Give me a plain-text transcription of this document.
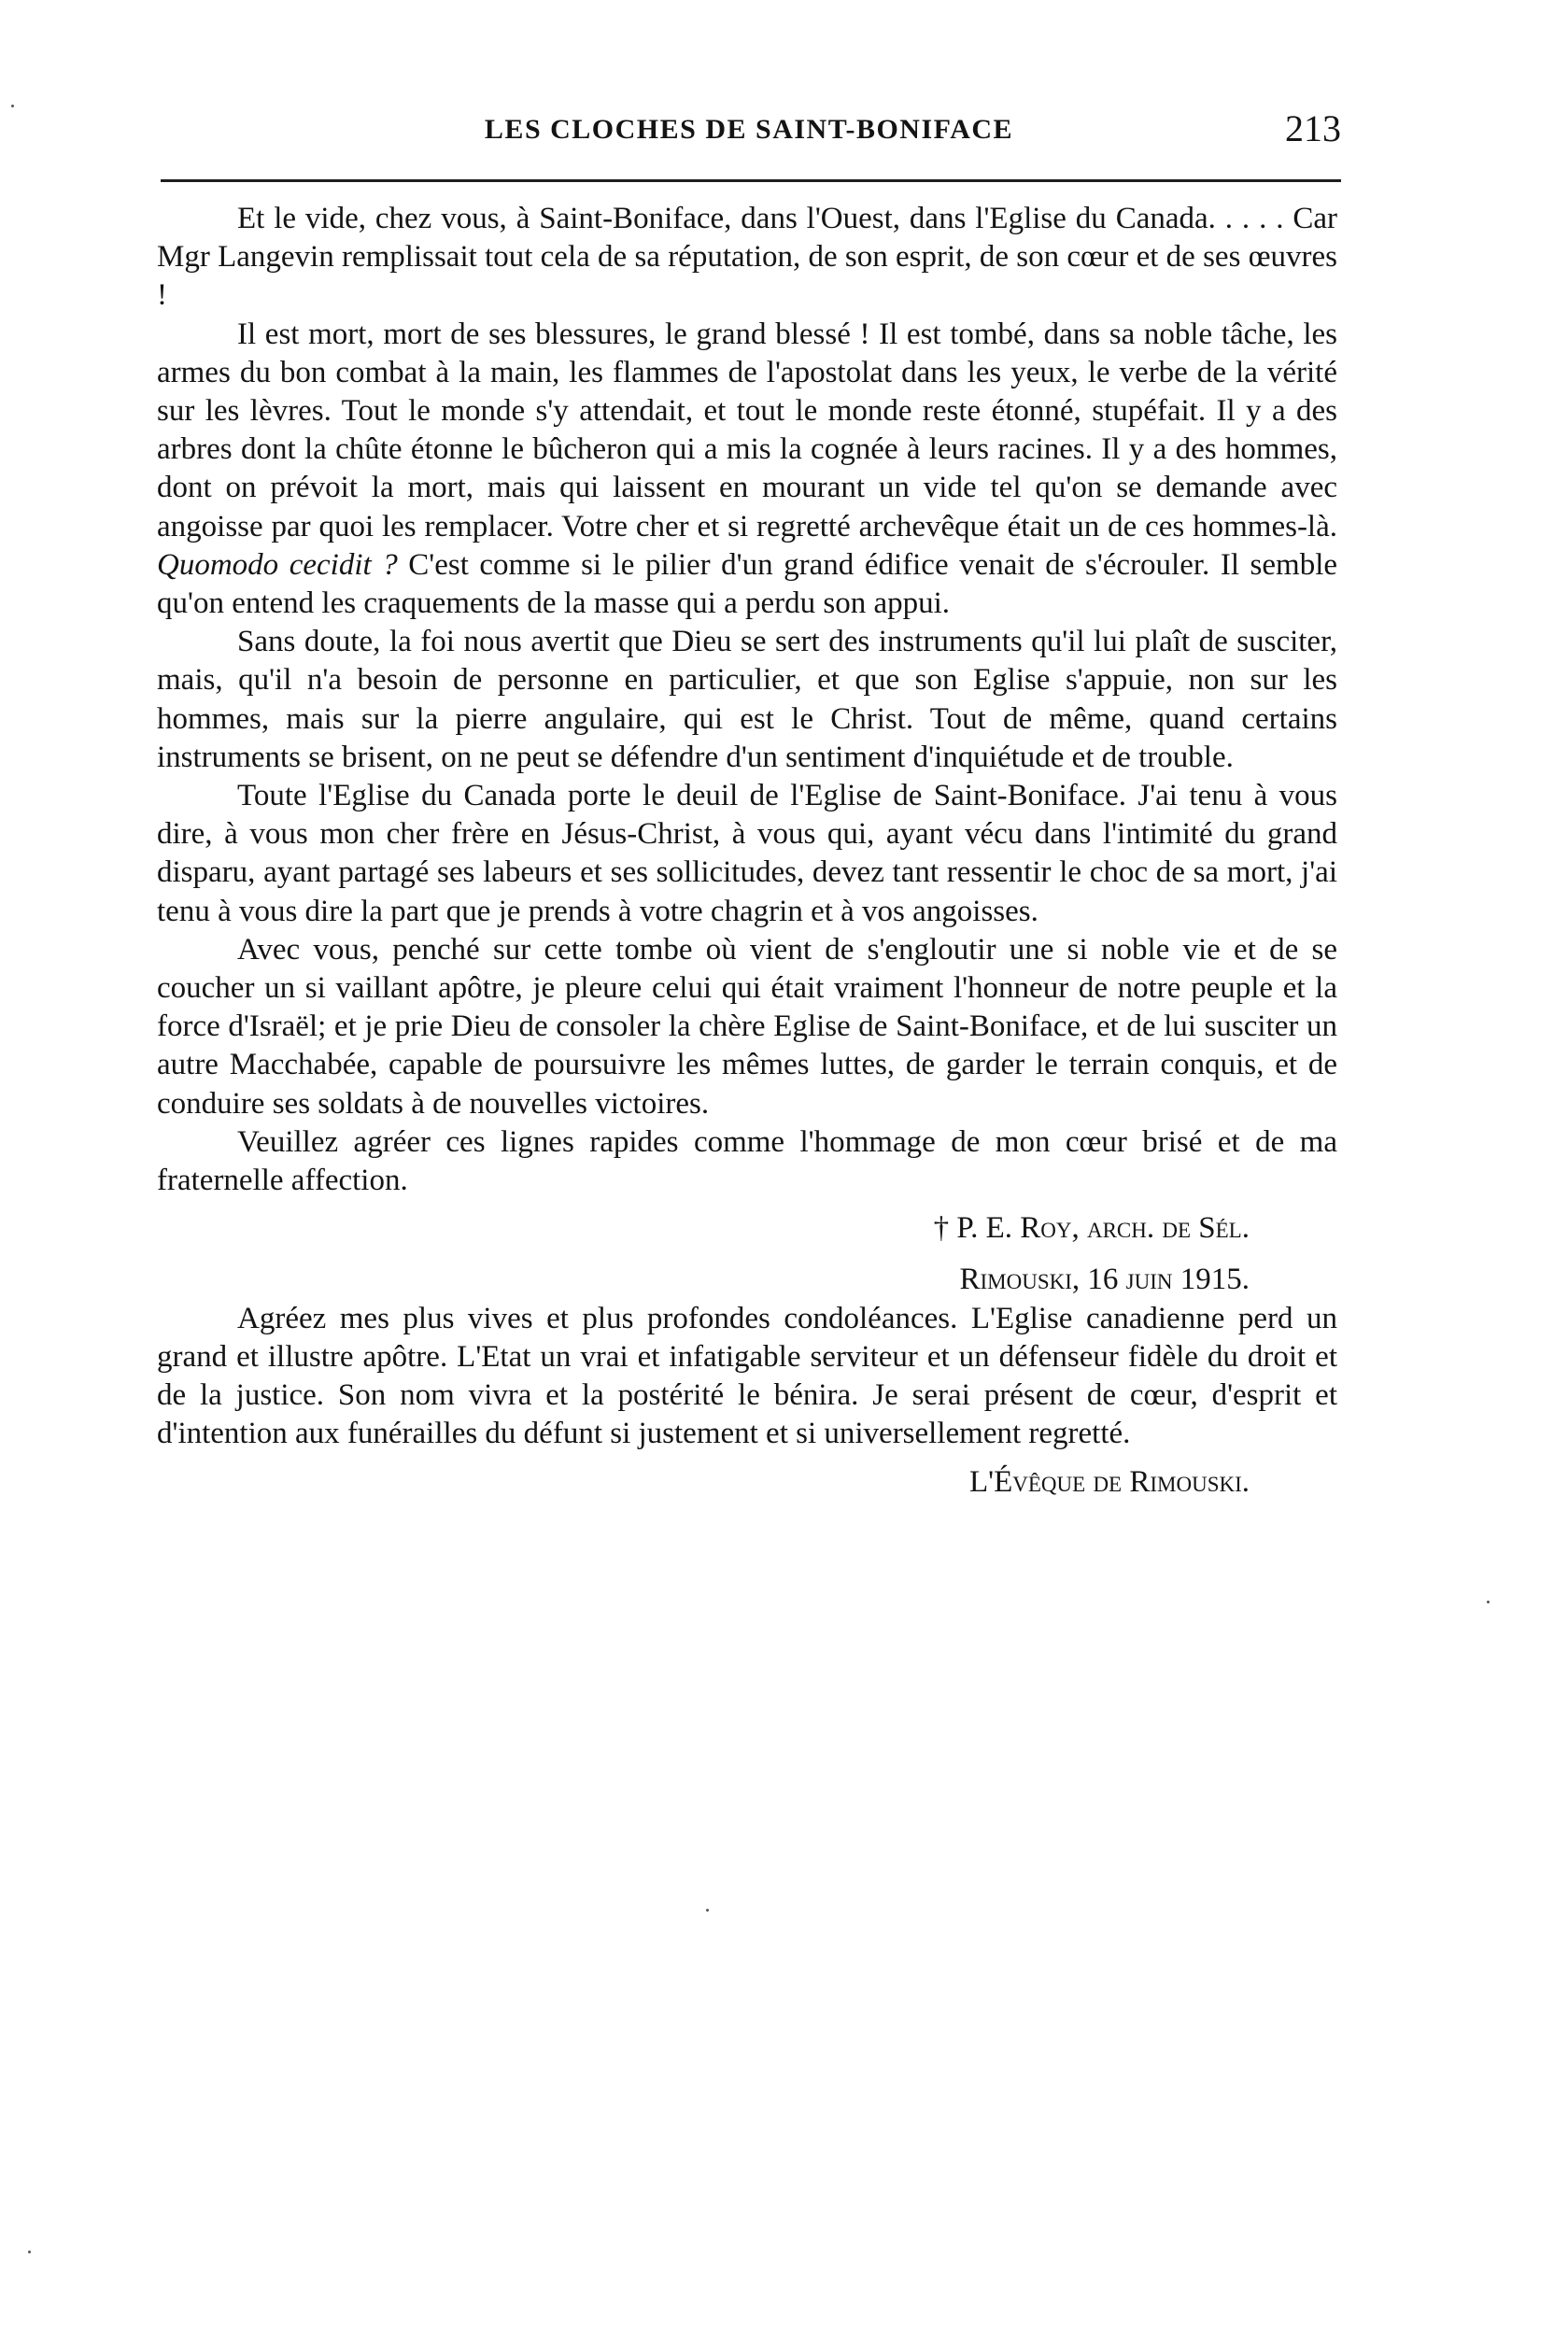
LES CLOCHES DE SAINT-BONIFACE	213

Et le vide, chez vous, à Saint-Boniface, dans l'Ouest, dans l'Eglise du Canada. . . . . Car Mgr Langevin remplissait tout cela de sa réputation, de son esprit, de son cœur et de ses œuvres !

Il est mort, mort de ses blessures, le grand blessé ! Il est tombé, dans sa noble tâche, les armes du bon combat à la main, les flammes de l'apostolat dans les yeux, le verbe de la vérité sur les lèvres. Tout le monde s'y attendait, et tout le monde reste étonné, stupéfait. Il y a des arbres dont la chûte étonne le bûcheron qui a mis la cognée à leurs racines. Il y a des hommes, dont on prévoit la mort, mais qui laissent en mourant un vide tel qu'on se demande avec angoisse par quoi les remplacer. Votre cher et si regretté archevêque était un de ces hommes-là. Quomodo cecidit ? C'est comme si le pilier d'un grand édifice venait de s'écrouler. Il semble qu'on entend les craquements de la masse qui a perdu son appui.

Sans doute, la foi nous avertit que Dieu se sert des instruments qu'il lui plaît de susciter, mais, qu'il n'a besoin de personne en particulier, et que son Eglise s'appuie, non sur les hommes, mais sur la pierre angulaire, qui est le Christ. Tout de même, quand certains instruments se brisent, on ne peut se défendre d'un sentiment d'inquiétude et de trouble.

Toute l'Eglise du Canada porte le deuil de l'Eglise de Saint-Boniface. J'ai tenu à vous dire, à vous mon cher frère en Jésus-Christ, à vous qui, ayant vécu dans l'intimité du grand disparu, ayant partagé ses labeurs et ses sollicitudes, devez tant ressentir le choc de sa mort, j'ai tenu à vous dire la part que je prends à votre chagrin et à vos angoisses.

Avec vous, penché sur cette tombe où vient de s'engloutir une si noble vie et de se coucher un si vaillant apôtre, je pleure celui qui était vraiment l'honneur de notre peuple et la force d'Israël; et je prie Dieu de consoler la chère Eglise de Saint-Boniface, et de lui susciter un autre Macchabée, capable de poursuivre les mêmes luttes, de garder le terrain conquis, et de conduire ses soldats à de nouvelles victoires.

Veuillez agréer ces lignes rapides comme l'hommage de mon cœur brisé et de ma fraternelle affection.

† P. E. Roy, arch. de Sél.

Rimouski, 16 juin 1915.

Agréez mes plus vives et plus profondes condoléances. L'Eglise canadienne perd un grand et illustre apôtre. L'Etat un vrai et infatigable serviteur et un défenseur fidèle du droit et de la justice. Son nom vivra et la postérité le bénira. Je serai présent de cœur, d'esprit et d'intention aux funérailles du défunt si justement et si universellement regretté.

L'Évêque de Rimouski.
